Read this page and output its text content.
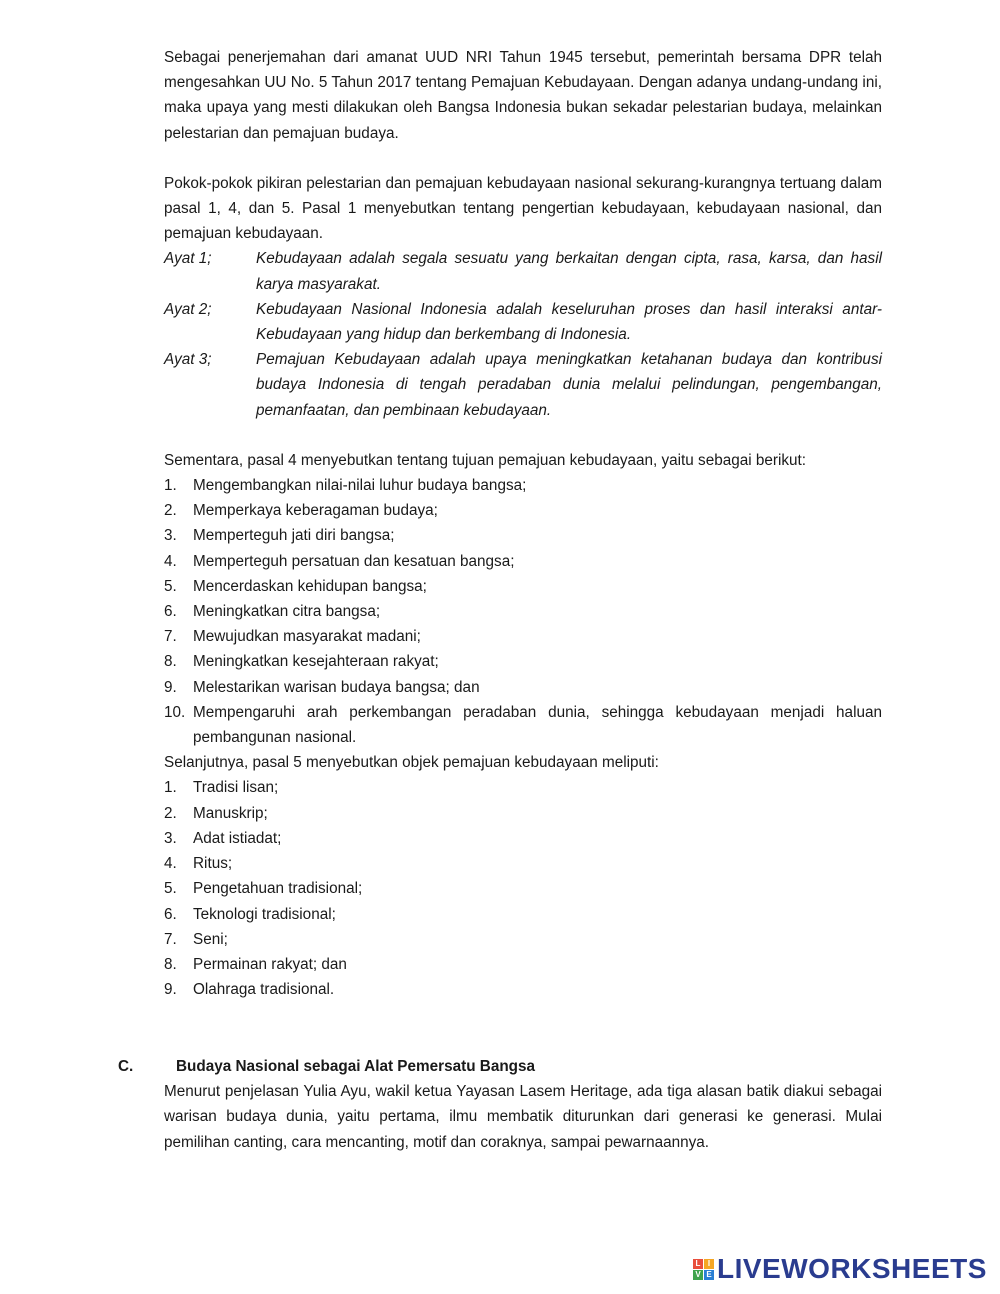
Sebagai penerjemahan dari amanat UUD NRI Tahun 1945 tersebut, pemerintah bersama DPR telah mengesahkan UU No. 5 Tahun 2017 tentang Pemajuan Kebudayaan. Dengan adanya undang-undang ini, maka upaya yang mesti dilakukan oleh Bangsa Indonesia bukan sekadar pelestarian budaya, melainkan pelestarian dan pemajuan budaya.

Pokok-pokok pikiran pelestarian dan pemajuan kebudayaan nasional sekurang-kurangnya tertuang dalam pasal 1, 4, dan 5. Pasal 1 menyebutkan tentang pengertian kebudayaan, kebudayaan nasional, dan pemajuan kebudayaan.

Ayat 1;	Kebudayaan adalah segala sesuatu yang berkaitan dengan cipta, rasa, karsa, dan hasil karya masyarakat.
Ayat 2;	Kebudayaan Nasional Indonesia adalah keseluruhan proses dan hasil interaksi antar-Kebudayaan yang hidup dan berkembang di Indonesia.
Ayat 3;	Pemajuan Kebudayaan adalah upaya meningkatkan ketahanan budaya dan kontribusi budaya Indonesia di tengah peradaban dunia melalui pelindungan, pengembangan, pemanfaatan, dan pembinaan kebudayaan.

Sementara, pasal 4 menyebutkan tentang tujuan pemajuan kebudayaan, yaitu sebagai berikut:

1.	Mengembangkan nilai-nilai luhur budaya bangsa;
2.	Memperkaya keberagaman budaya;
3.	Memperteguh jati diri bangsa;
4.	Memperteguh persatuan dan kesatuan bangsa;
5.	Mencerdaskan kehidupan bangsa;
6.	Meningkatkan citra bangsa;
7.	Mewujudkan masyarakat madani;
8.	Meningkatkan kesejahteraan rakyat;
9.	Melestarikan warisan budaya bangsa; dan
10. Mempengaruhi arah perkembangan peradaban dunia, sehingga kebudayaan menjadi haluan pembangunan nasional.

Selanjutnya, pasal 5 menyebutkan objek pemajuan kebudayaan meliputi:

1.	Tradisi lisan;
2.	Manuskrip;
3.	Adat istiadat;
4.	Ritus;
5.	Pengetahuan tradisional;
6.	Teknologi tradisional;
7.	Seni;
8.	Permainan rakyat; dan
9.	Olahraga tradisional.
C.	Budaya Nasional sebagai Alat Pemersatu Bangsa

Menurut penjelasan Yulia Ayu, wakil ketua Yayasan Lasem Heritage, ada tiga alasan batik diakui sebagai warisan budaya dunia, yaitu pertama, ilmu membatik diturunkan dari generasi ke generasi. Mulai pemilihan canting, cara mencanting, motif dan coraknya, sampai pewarnaannya.

L I
V E LIVEWORKSHEETS
